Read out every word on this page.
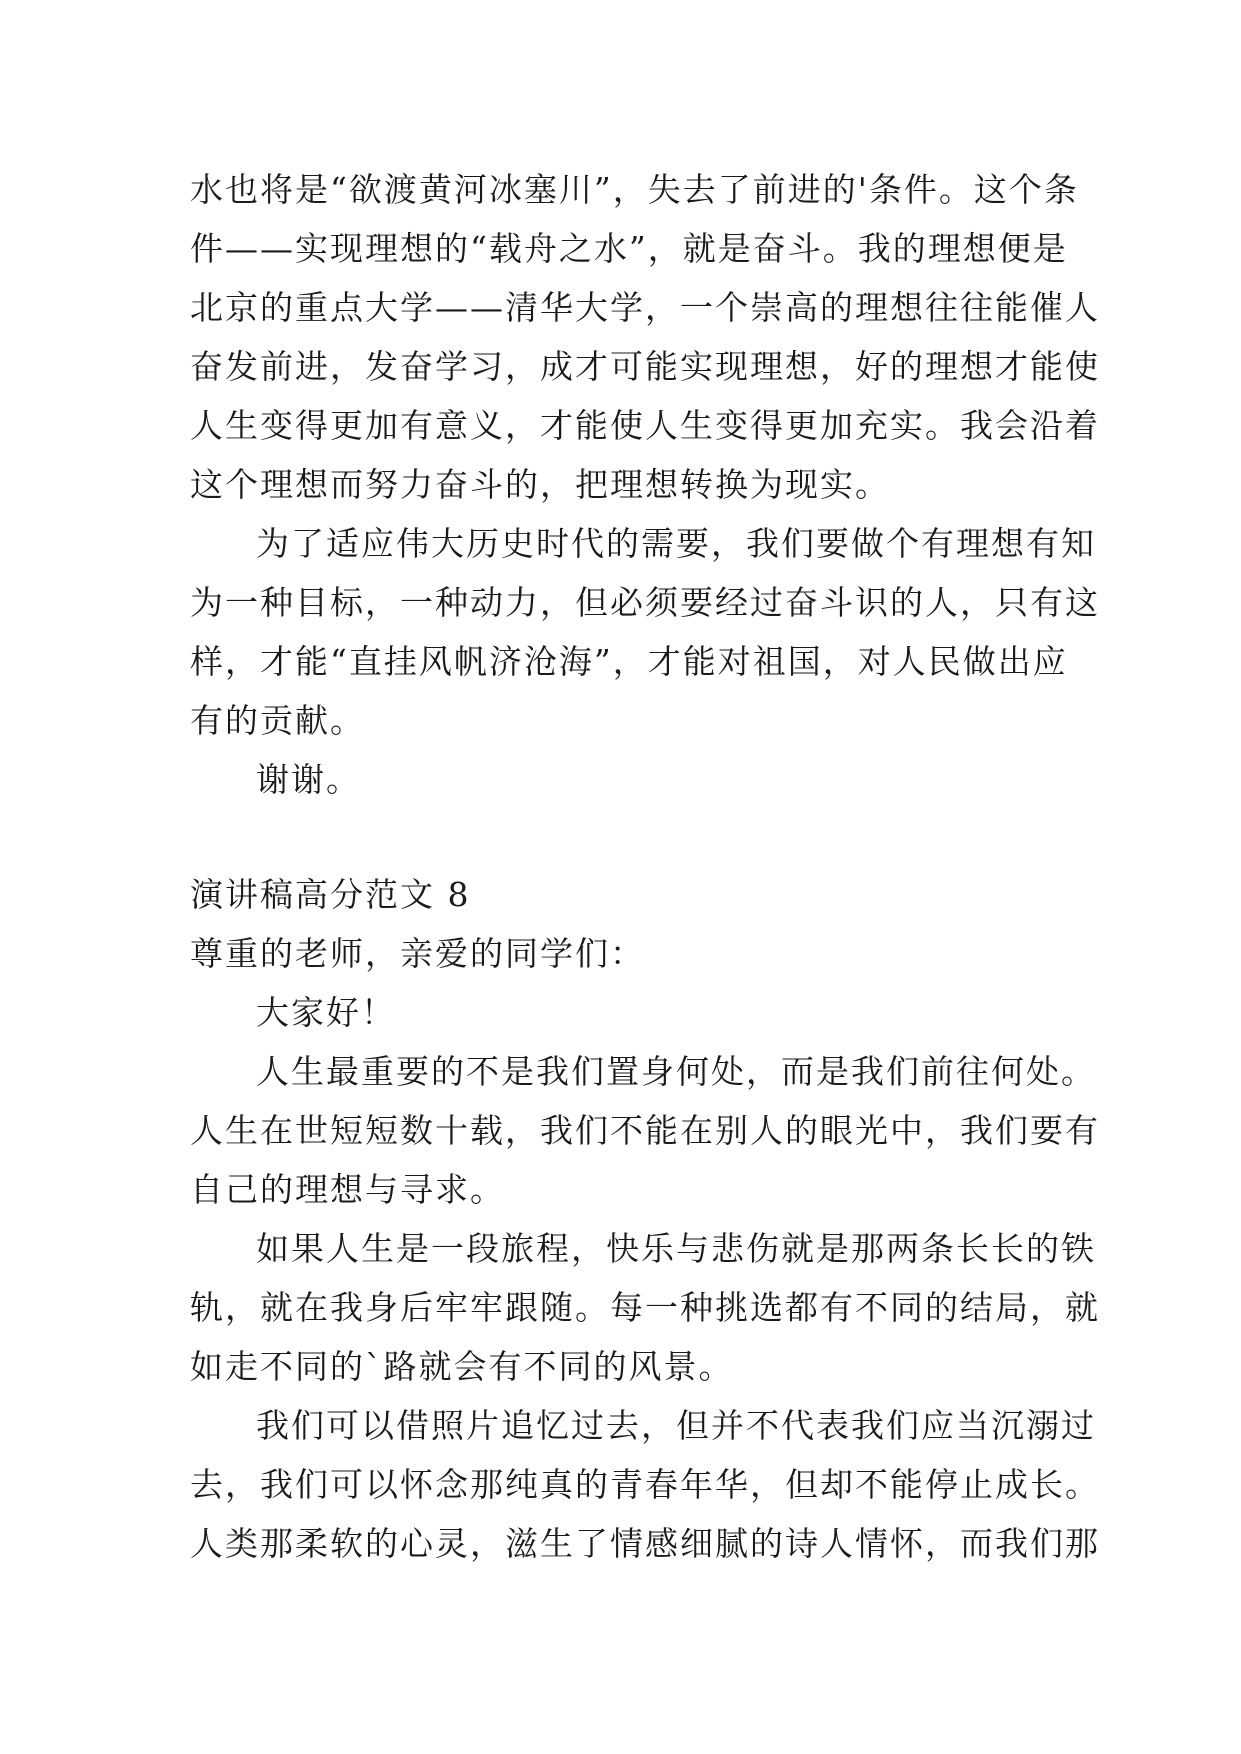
水也将是“欲渡黄河冰塞川”，失去了前进的'条件。这个条
件——实现理想的“载舟之水”，就是奋斗。我的理想便是
北京的重点大学——清华大学，一个崇高的理想往往能催人
奋发前进，发奋学习，成才可能实现理想，好的理想才能使
人生变得更加有意义，才能使人生变得更加充实。我会沿着
这个理想而努力奋斗的，把理想转换为现实。
为了适应伟大历史时代的需要，我们要做个有理想有知
为一种目标，一种动力，但必须要经过奋斗识的人，只有这
样，才能“直挂风帆济沧海”，才能对祖国，对人民做出应
有的贡献。
谢谢。
演讲稿高分范文 8
尊重的老师，亲爱的同学们：
大家好！
人生最重要的不是我们置身何处，而是我们前往何处。
人生在世短短数十载，我们不能在别人的眼光中，我们要有
自己的理想与寻求。
如果人生是一段旅程，快乐与悲伤就是那两条长长的铁
轨，就在我身后牢牢跟随。每一种挑选都有不同的结局，就
如走不同的`路就会有不同的风景。
我们可以借照片追忆过去，但并不代表我们应当沉溺过
去，我们可以怀念那纯真的青春年华，但却不能停止成长。
人类那柔软的心灵，滋生了情感细腻的诗人情怀，而我们那
